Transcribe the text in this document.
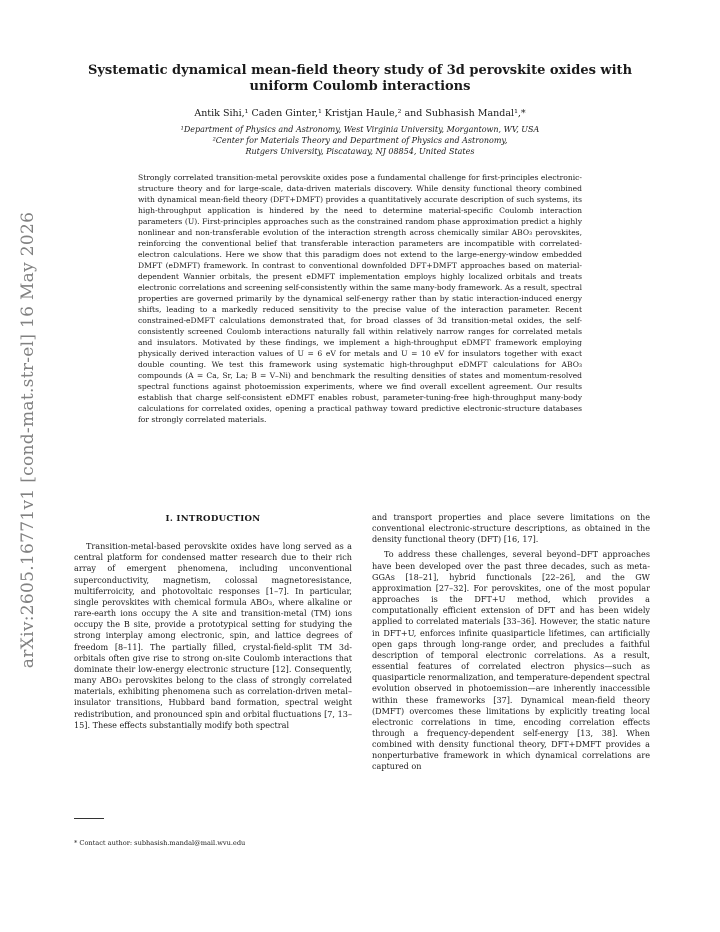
arXiv:2605.16771v1 [cond-mat.str-el] 16 May 2026
Systematic dynamical mean-field theory study of 3d perovskite oxides with uniform Coulomb interactions
Antik Sihi,¹ Caden Ginter,¹ Kristjan Haule,² and Subhasish Mandal¹,*
¹Department of Physics and Astronomy, West Virginia University, Morgantown, WV, USA
²Center for Materials Theory and Department of Physics and Astronomy,
Rutgers University, Piscataway, NJ 08854, United States
Strongly correlated transition-metal perovskite oxides pose a fundamental challenge for first-principles electronic-structure theory and for large-scale, data-driven materials discovery. While density functional theory combined with dynamical mean-field theory (DFT+DMFT) provides a quantitatively accurate description of such systems, its high-throughput application is hindered by the need to determine material-specific Coulomb interaction parameters (U). First-principles approaches such as the constrained random phase approximation predict a highly nonlinear and non-transferable evolution of the interaction strength across chemically similar ABO₃ perovskites, reinforcing the conventional belief that transferable interaction parameters are incompatible with correlated-electron calculations. Here we show that this paradigm does not extend to the large-energy-window embedded DMFT (eDMFT) framework. In contrast to conventional downfolded DFT+DMFT approaches based on material-dependent Wannier orbitals, the present eDMFT implementation employs highly localized orbitals and treats electronic correlations and screening self-consistently within the same many-body framework. As a result, spectral properties are governed primarily by the dynamical self-energy rather than by static interaction-induced energy shifts, leading to a markedly reduced sensitivity to the precise value of the interaction parameter. Recent constrained-eDMFT calculations demonstrated that, for broad classes of 3d transition-metal oxides, the self-consistently screened Coulomb interactions naturally fall within relatively narrow ranges for correlated metals and insulators. Motivated by these findings, we implement a high-throughput eDMFT framework employing physically derived interaction values of U = 6 eV for metals and U = 10 eV for insulators together with exact double counting. We test this framework using systematic high-throughput eDMFT calculations for ABO₃ compounds (A = Ca, Sr, La; B = V–Ni) and benchmark the resulting densities of states and momentum-resolved spectral functions against photoemission experiments, where we find overall excellent agreement. Our results establish that charge self-consistent eDMFT enables robust, parameter-tuning-free high-throughput many-body calculations for correlated oxides, opening a practical pathway toward predictive electronic-structure databases for strongly correlated materials.
I. INTRODUCTION

Transition-metal-based perovskite oxides have long served as a central platform for condensed matter research due to their rich array of emergent phenomena, including unconventional superconductivity, magnetism, colossal magnetoresistance, multiferroicity, and photovoltaic responses [1–7]. In particular, single perovskites with chemical formula ABO₃, where alkaline or rare-earth ions occupy the A site and transition-metal (TM) ions occupy the B site, provide a prototypical setting for studying the strong interplay among electronic, spin, and lattice degrees of freedom [8–11]. The partially filled, crystal-field-split TM 3d-orbitals often give rise to strong on-site Coulomb interactions that dominate their low-energy electronic structure [12]. Consequently, many ABO₃ perovskites belong to the class of strongly correlated materials, exhibiting phenomena such as correlation-driven metal–insulator transitions, Hubbard band formation, spectral weight redistribution, and pronounced spin and orbital fluctuations [7, 13–15]. These effects substantially modify both spectral

and transport properties and place severe limitations on the conventional electronic-structure descriptions, as obtained in the density functional theory (DFT) [16, 17].

To address these challenges, several beyond–DFT approaches have been developed over the past three decades, such as meta-GGAs [18–21], hybrid functionals [22–26], and the GW approximation [27–32]. For perovskites, one of the most popular approaches is the DFT+U method, which provides a computationally efficient extension of DFT and has been widely applied to correlated materials [33–36]. However, the static nature in DFT+U, enforces infinite quasiparticle lifetimes, can artificially open gaps through long-range order, and precludes a faithful description of temporal electronic correlations. As a result, essential features of correlated electron physics—such as quasiparticle renormalization, and temperature-dependent spectral evolution observed in photoemission—are inherently inaccessible within these frameworks [37]. Dynamical mean-field theory (DMFT) overcomes these limitations by explicitly treating local electronic correlations in time, encoding correlation effects through a frequency-dependent self-energy [13, 38]. When combined with density functional theory, DFT+DMFT provides a nonperturbative framework in which dynamical correlations are captured on

* Contact author: subhasish.mandal@mail.wvu.edu
